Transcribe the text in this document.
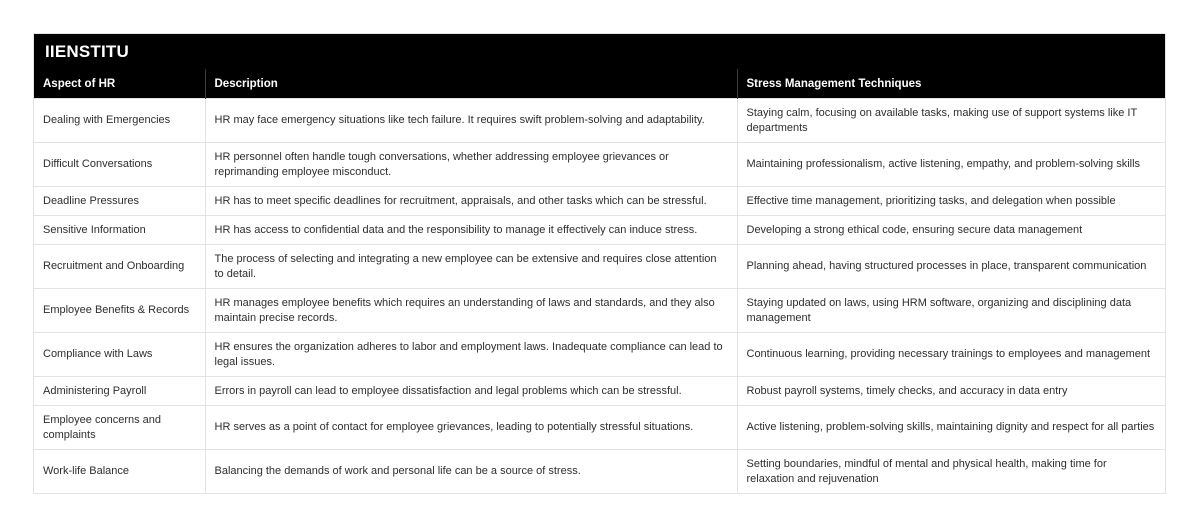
IIENSTITU
Aspect of HR	Description	Stress Management Techniques
Dealing with Emergencies	HR may face emergency situations like tech failure. It requires swift problem-solving and adaptability.	Staying calm, focusing on available tasks, making use of support systems like IT departments
Difficult Conversations	HR personnel often handle tough conversations, whether addressing employee grievances or reprimanding employee misconduct.	Maintaining professionalism, active listening, empathy, and problem-solving skills
Deadline Pressures	HR has to meet specific deadlines for recruitment, appraisals, and other tasks which can be stressful.	Effective time management, prioritizing tasks, and delegation when possible
Sensitive Information	HR has access to confidential data and the responsibility to manage it effectively can induce stress.	Developing a strong ethical code, ensuring secure data management
Recruitment and Onboarding	The process of selecting and integrating a new employee can be extensive and requires close attention to detail.	Planning ahead, having structured processes in place, transparent communication
Employee Benefits & Records	HR manages employee benefits which requires an understanding of laws and standards, and they also maintain precise records.	Staying updated on laws, using HRM software, organizing and disciplining data management
Compliance with Laws	HR ensures the organization adheres to labor and employment laws. Inadequate compliance can lead to legal issues.	Continuous learning, providing necessary trainings to employees and management
Administering Payroll	Errors in payroll can lead to employee dissatisfaction and legal problems which can be stressful.	Robust payroll systems, timely checks, and accuracy in data entry
Employee concerns and complaints	HR serves as a point of contact for employee grievances, leading to potentially stressful situations.	Active listening, problem-solving skills, maintaining dignity and respect for all parties
Work-life Balance	Balancing the demands of work and personal life can be a source of stress.	Setting boundaries, mindful of mental and physical health, making time for relaxation and rejuvenation
